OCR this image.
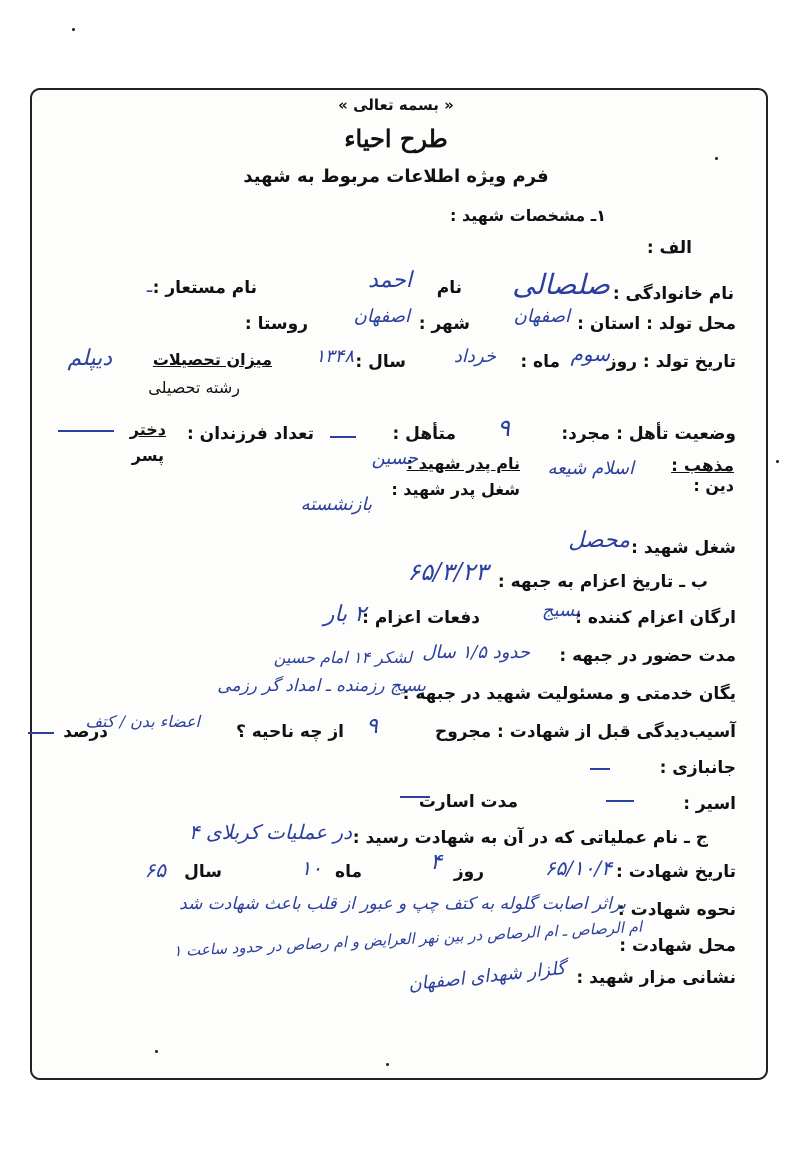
« بسمه تعالی »
طرح احیاء
فرم ویژه اطلاعات مربوط به شهید
۱ـ مشخصات شهید :
الف :
نام خانوادگی :
صلصالی
نام
احمد
نام مستعار :
ـ
محل تولد : استان :
اصفهان
شهر :
اصفهان
روستا :
تاریخ تولد : روز
سوم
ماه :
خرداد
سال :
۱۳۴۸
میزان تحصیلات
رشته تحصیلی
دیپلم
وضعیت تأهل : مجرد:
۹
متأهل :
تعداد فرزندان :
دختر
پسر
مذهب :
دین :
اسلام شیعه
نام پدر شهید :
حسین
شغل پدر شهید :
بازنشسته
شغل شهید :
محصل
ب ـ تاریخ اعزام به جبهه :
۶۵/۳/۲۳
ارگان اعزام کننده :
بسیج
دفعات اعزام :
۲ بار
مدت حضور در جبهه :
حدود ۱/۵ سال
لشکر ۱۴ امام حسین
یگان خدمتی و مسئولیت شهید در جبهه :
بسیج رزمنده ـ امداد گر رزمی
آسیب‌دیدگی قبل از شهادت : مجروح
۹
از چه ناحیه ؟
اعضاء بدن / کتف
درصد
جانبازی :
اسیر :
مدت اسارت
ج ـ نام عملیاتی که در آن به شهادت رسید :
در عملیات کربلای ۴
تاریخ شهادت :
۶۵/۱۰/۴
روز
۴
ماه
۱۰
سال
۶۵
نحوه شهادت :
براثر اصابت گلوله به کتف چپ و عبور از قلب باعث شهادت شد
محل شهادت :
ام الرصاص ـ ام الرصاص در بین نهر العرایض و ام رصاص در حدود ساعت ۱
نشانی مزار شهید :
گلزار شهدای اصفهان
